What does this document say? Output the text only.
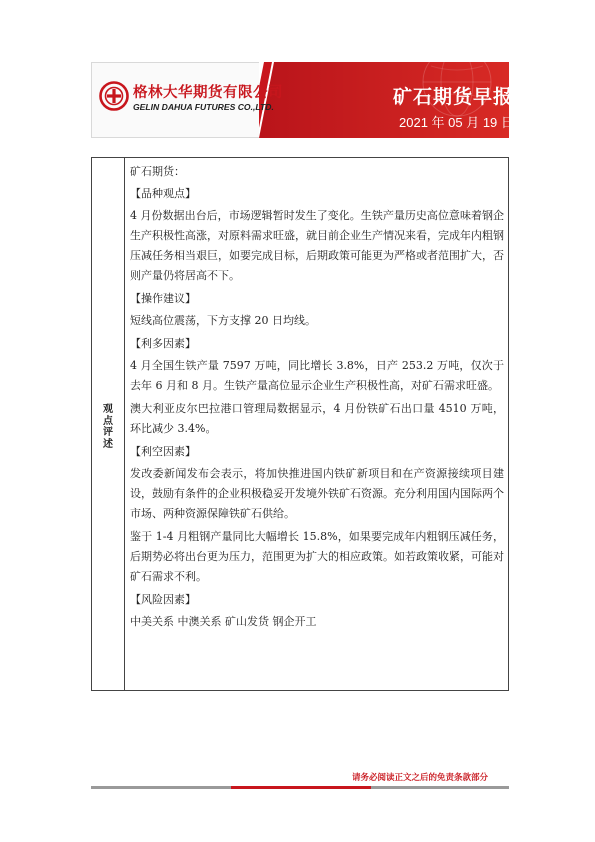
格林大华期货有限公司
GELIN DAHUA FUTURES CO.,LTD.	矿石期货早报
2021 年 05 月 19 日
观点评述

矿石期货：

【品种观点】

4 月份数据出台后，市场逻辑暂时发生了变化。生铁产量历史高位意味着钢企生产积极性高涨，对原料需求旺盛，就目前企业生产情况来看，完成年内粗钢压减任务相当艰巨，如要完成目标，后期政策可能更为严格或者范围扩大，否则产量仍将居高不下。

【操作建议】

短线高位震荡，下方支撑 20 日均线。

【利多因素】

4 月全国生铁产量 7597 万吨，同比增长 3.8%，日产 253.2 万吨，仅次于去年 6 月和 8 月。生铁产量高位显示企业生产积极性高，对矿石需求旺盛。

澳大利亚皮尔巴拉港口管理局数据显示，4 月份铁矿石出口量 4510 万吨，环比减少 3.4%。

【利空因素】

发改委新闻发布会表示，将加快推进国内铁矿新项目和在产资源接续项目建设，鼓励有条件的企业积极稳妥开发境外铁矿石资源。充分利用国内国际两个市场、两种资源保障铁矿石供给。

鉴于 1-4 月粗钢产量同比大幅增长 15.8%，如果要完成年内粗钢压减任务，后期势必将出台更为压力，范围更为扩大的相应政策。如若政策收紧，可能对矿石需求不利。

【风险因素】

中美关系 中澳关系 矿山发货 钢企开工

请务必阅读正文之后的免责条款部分
